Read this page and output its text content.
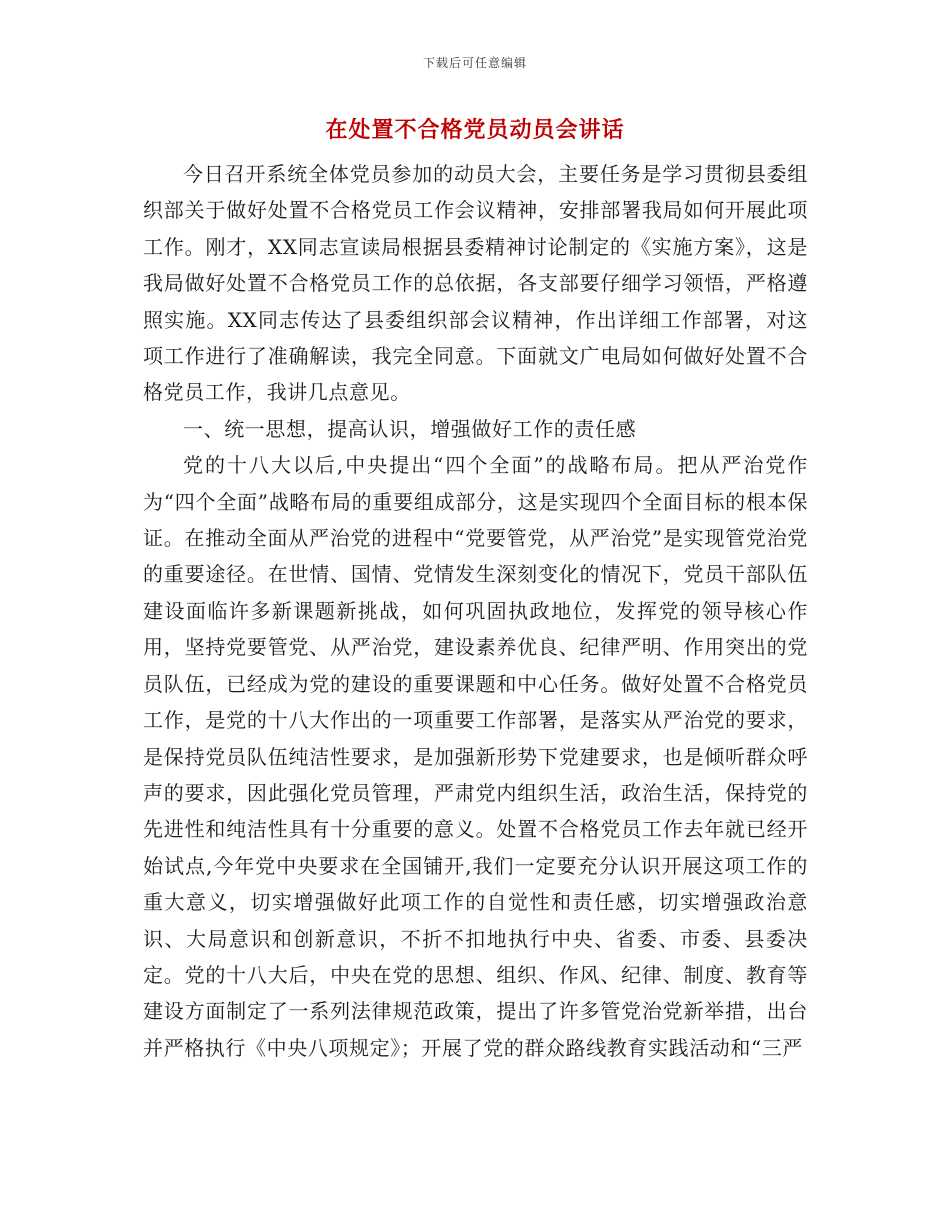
下载后可任意编辑
在处置不合格党员动员会讲话

今日召开系统全体党员参加的动员大会，主要任务是学习贯彻县委组织部关于做好处置不合格党员工作会议精神，安排部署我局如何开展此项工作。刚才，XX同志宣读局根据县委精神讨论制定的《实施方案》，这是我局做好处置不合格党员工作的总依据，各支部要仔细学习领悟，严格遵照实施。XX同志传达了县委组织部会议精神，作出详细工作部署，对这项工作进行了准确解读，我完全同意。下面就文广电局如何做好处置不合格党员工作，我讲几点意见。

一、统一思想，提高认识，增强做好工作的责任感

党的十八大以后,中央提出“四个全面”的战略布局。把从严治党作为“四个全面”战略布局的重要组成部分，这是实现四个全面目标的根本保证。在推动全面从严治党的进程中“党要管党，从严治党”是实现管党治党的重要途径。在世情、国情、党情发生深刻变化的情况下，党员干部队伍建设面临许多新课题新挑战，如何巩固执政地位，发挥党的领导核心作用，坚持党要管党、从严治党，建设素养优良、纪律严明、作用突出的党员队伍，已经成为党的建设的重要课题和中心任务。做好处置不合格党员工作，是党的十八大作出的一项重要工作部署，是落实从严治党的要求，是保持党员队伍纯洁性要求，是加强新形势下党建要求，也是倾听群众呼声的要求，因此强化党员管理，严肃党内组织生活，政治生活，保持党的先进性和纯洁性具有十分重要的意义。处置不合格党员工作去年就已经开始试点,今年党中央要求在全国铺开,我们一定要充分认识开展这项工作的重大意义，切实增强做好此项工作的自觉性和责任感，切实增强政治意识、大局意识和创新意识，不折不扣地执行中央、省委、市委、县委决定。党的十八大后，中央在党的思想、组织、作风、纪律、制度、教育等建设方面制定了一系列法律规范政策，提出了许多管党治党新举措，出台并严格执行《中央八项规定》；开展了党的群众路线教育实践活动和“三严
